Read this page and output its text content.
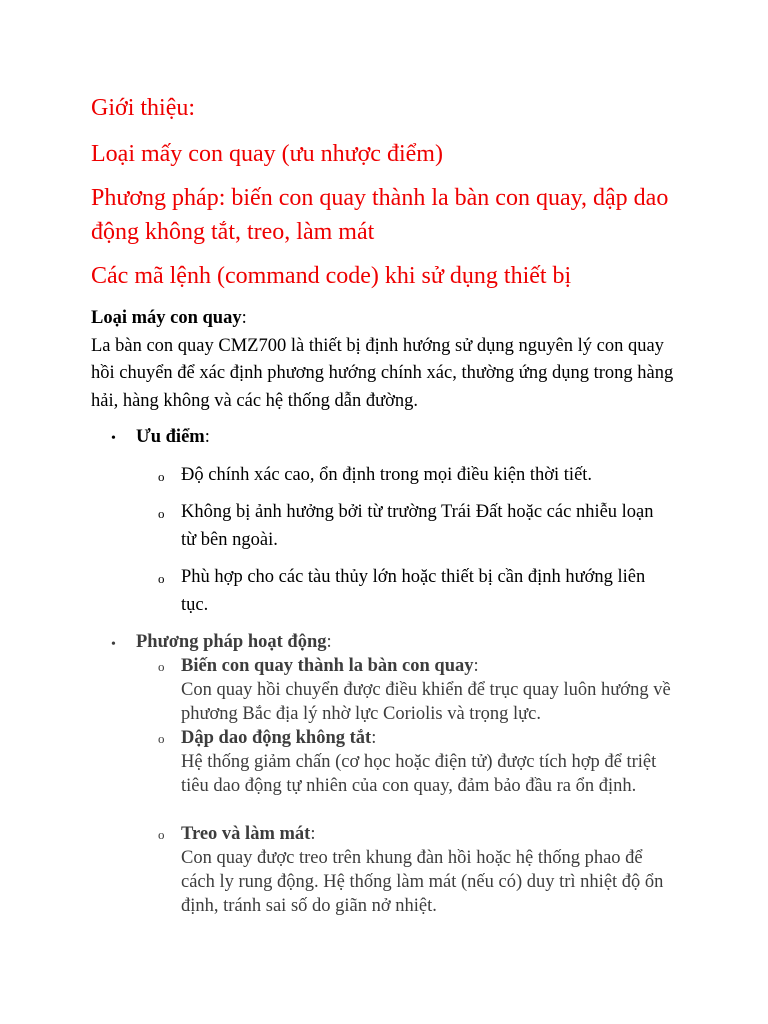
Giới thiệu:

Loại mấy con quay (ưu nhược điểm)

Phương pháp: biến con quay thành la bàn con quay, dập dao động không tắt, treo, làm mát

Các mã lệnh (command code) khi sử dụng thiết bị

Loại máy con quay:
La bàn con quay CMZ700 là thiết bị định hướng sử dụng nguyên lý con quay hồi chuyển để xác định phương hướng chính xác, thường ứng dụng trong hàng hải, hàng không và các hệ thống dẫn đường.

• Ưu điểm:

o Độ chính xác cao, ổn định trong mọi điều kiện thời tiết.

o Không bị ảnh hưởng bởi từ trường Trái Đất hoặc các nhiễu loạn từ bên ngoài.

o Phù hợp cho các tàu thủy lớn hoặc thiết bị cần định hướng liên tục.

• Phương pháp hoạt động:

o Biến con quay thành la bàn con quay:
Con quay hồi chuyển được điều khiển để trục quay luôn hướng về phương Bắc địa lý nhờ lực Coriolis và trọng lực.

o Dập dao động không tắt:
Hệ thống giảm chấn (cơ học hoặc điện tử) được tích hợp để triệt tiêu dao động tự nhiên của con quay, đảm bảo đầu ra ổn định.

o Treo và làm mát:
Con quay được treo trên khung đàn hồi hoặc hệ thống phao để cách ly rung động. Hệ thống làm mát (nếu có) duy trì nhiệt độ ổn định, tránh sai số do giãn nở nhiệt.
